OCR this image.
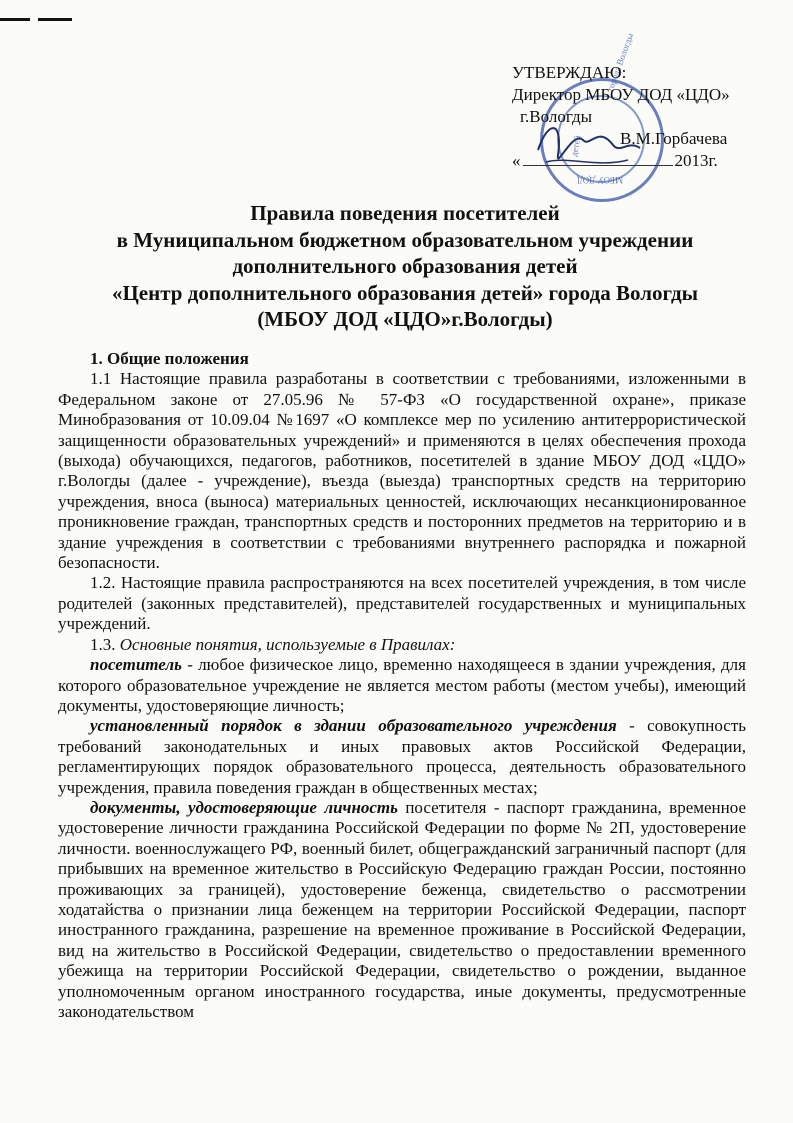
города Вологды
детей
МБОУ ДОД
УТВЕРЖДАЮ:
Директор МБОУ ДОД «ЦДО»
г.Вологды
В.М.Горбачева
«	2013г.
Правила поведения посетителей
в Муниципальном бюджетном образовательном учреждении
дополнительного образования детей
«Центр дополнительного образования детей» города Вологды
(МБОУ ДОД «ЦДО»г.Вологды)

1. Общие положения

1.1 Настоящие правила разработаны в соответствии с требованиями, изложенными в Федеральном законе от 27.05.96 № 57-ФЗ «О государственной охране», приказе Минобразования от 10.09.04 №1697 «О комплексе мер по усилению антитеррористической защищенности образовательных учреждений» и применяются в целях обеспечения прохода (выхода) обучающихся, педагогов, работников, посетителей в здание МБОУ ДОД «ЦДО» г.Вологды (далее - учреждение), въезда (выезда) транспортных средств на территорию учреждения, вноса (выноса) материальных ценностей, исключающих несанкционированное проникновение граждан, транспортных средств и посторонних предметов на территорию и в здание учреждения в соответствии с требованиями внутреннего распорядка и пожарной безопасности.

1.2. Настоящие правила распространяются на всех посетителей учреждения, в том числе родителей (законных представителей), представителей государственных и муниципальных учреждений.

1.3. Основные понятия, используемые в Правилах:

посетитель - любое физическое лицо, временно находящееся в здании учреждения, для которого образовательное учреждение не является местом работы (местом учебы), имеющий документы, удостоверяющие личность;

установленный порядок в здании образовательного учреждения - совокупность требований законодательных и иных правовых актов Российской Федерации, регламентирующих порядок образовательного процесса, деятельность образовательного учреждения, правила поведения граждан в общественных местах;

документы, удостоверяющие личность посетителя - паспорт гражданина, временное удостоверение личности гражданина Российской Федерации по форме № 2П, удостоверение личности. военнослужащего РФ, военный билет, общегражданский заграничный паспорт (для прибывших на временное жительство в Российскую Федерацию граждан России, постоянно проживающих за границей), удостоверение беженца, свидетельство о рассмотрении ходатайства о признании лица беженцем на территории Российской Федерации, паспорт иностранного гражданина, разрешение на временное проживание в Российской Федерации, вид на жительство в Российской Федерации, свидетельство о предоставлении временного убежища на территории Российской Федерации, свидетельство о рождении, выданное уполномоченным органом иностранного государства, иные документы, предусмотренные законодательством
